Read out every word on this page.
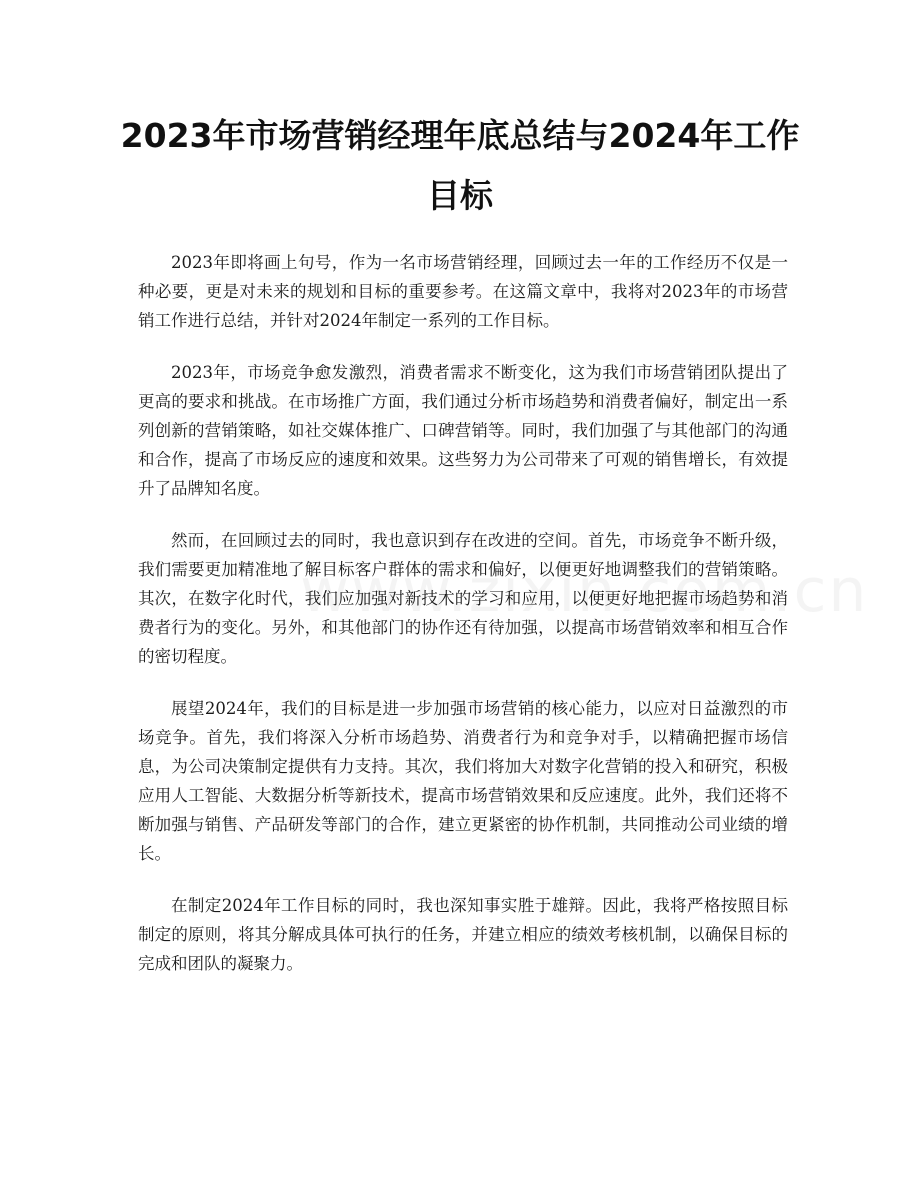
2023年市场营销经理年底总结与2024年工作目标

2023年即将画上句号，作为一名市场营销经理，回顾过去一年的工作经历不仅是一种必要，更是对未来的规划和目标的重要参考。在这篇文章中，我将对2023年的市场营销工作进行总结，并针对2024年制定一系列的工作目标。

2023年，市场竞争愈发激烈，消费者需求不断变化，这为我们市场营销团队提出了更高的要求和挑战。在市场推广方面，我们通过分析市场趋势和消费者偏好，制定出一系列创新的营销策略，如社交媒体推广、口碑营销等。同时，我们加强了与其他部门的沟通和合作，提高了市场反应的速度和效果。这些努力为公司带来了可观的销售增长，有效提升了品牌知名度。

然而，在回顾过去的同时，我也意识到存在改进的空间。首先，市场竞争不断升级，我们需要更加精准地了解目标客户群体的需求和偏好，以便更好地调整我们的营销策略。其次，在数字化时代，我们应加强对新技术的学习和应用，以便更好地把握市场趋势和消费者行为的变化。另外，和其他部门的协作还有待加强，以提高市场营销效率和相互合作的密切程度。

展望2024年，我们的目标是进一步加强市场营销的核心能力，以应对日益激烈的市场竞争。首先，我们将深入分析市场趋势、消费者行为和竞争对手，以精确把握市场信息，为公司决策制定提供有力支持。其次，我们将加大对数字化营销的投入和研究，积极应用人工智能、大数据分析等新技术，提高市场营销效果和反应速度。此外，我们还将不断加强与销售、产品研发等部门的合作，建立更紧密的协作机制，共同推动公司业绩的增长。

在制定2024年工作目标的同时，我也深知事实胜于雄辩。因此，我将严格按照目标制定的原则，将其分解成具体可执行的任务，并建立相应的绩效考核机制，以确保目标的完成和团队的凝聚力。
